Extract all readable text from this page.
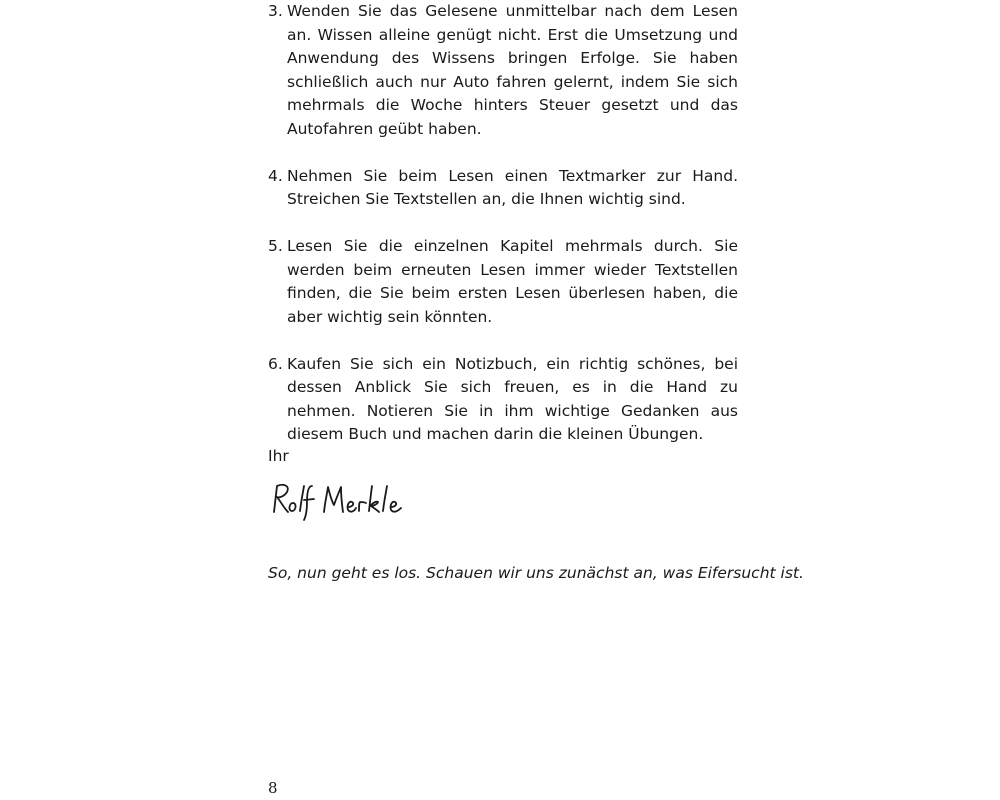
3. Wenden Sie das Gelesene unmittelbar nach dem Lesen an. Wissen alleine genügt nicht. Erst die Umsetzung und Anwendung des Wissens bringen Erfolge. Sie haben schließlich auch nur Auto fahren gelernt, indem Sie sich mehrmals die Woche hinters Steuer gesetzt und das Autofahren geübt haben.
4. Nehmen Sie beim Lesen einen Textmarker zur Hand. Streichen Sie Textstellen an, die Ihnen wichtig sind.
5. Lesen Sie die einzelnen Kapitel mehrmals durch. Sie werden beim erneuten Lesen immer wieder Textstellen finden, die Sie beim ersten Lesen überlesen haben, die aber wichtig sein könnten.
6. Kaufen Sie sich ein Notizbuch, ein richtig schönes, bei dessen Anblick Sie sich freuen, es in die Hand zu nehmen. Notieren Sie in ihm wichtige Gedanken aus diesem Buch und machen darin die kleinen Übungen.

Ihr

So, nun geht es los. Schauen wir uns zunächst an, was Eifersucht ist.

8
